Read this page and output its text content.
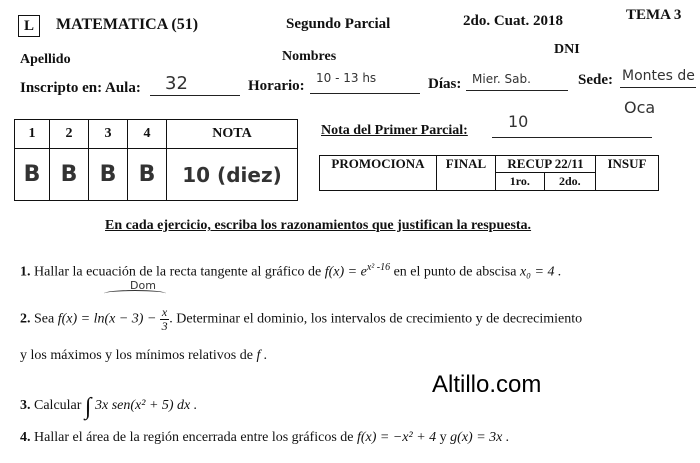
L	MATEMATICA (51)	Segundo Parcial	2do. Cuat. 2018	TEMA 3
Apellido	Nombres	DNI
Inscripto en: Aula: 32	Horario: 10 - 13 hs	Días: Mier. Sab.	Sede: Montes de
Oca
1	2	3	4	NOTA
B	B	B	B	10 (diez)
Nota del Primer Parcial:	10
PROMOCIONA	FINAL	RECUP 22/11		INSUF
		1ro.	2do.	
En cada ejercicio, escriba los razonamientos que justifican la respuesta.
1. Hallar la ecuación de la recta tangente al gráfico de $f(x) = e^{x^2 -16}$ en el punto de abscisa x₀ = 4 .
Dom
2. Sea $f(x) = \ln(x - 3) - \frac{x}{3}$ . Determinar el dominio, los intervalos de crecimiento y de decrecimiento
y los máximos y los mínimos relativos de f .
3. Calcular ∫ 3x sen(x² + 5) dx .
Altillo.com
4. Hallar el área de la región encerrada entre los gráficos de f(x) = −x² + 4 y g(x) = 3x .
